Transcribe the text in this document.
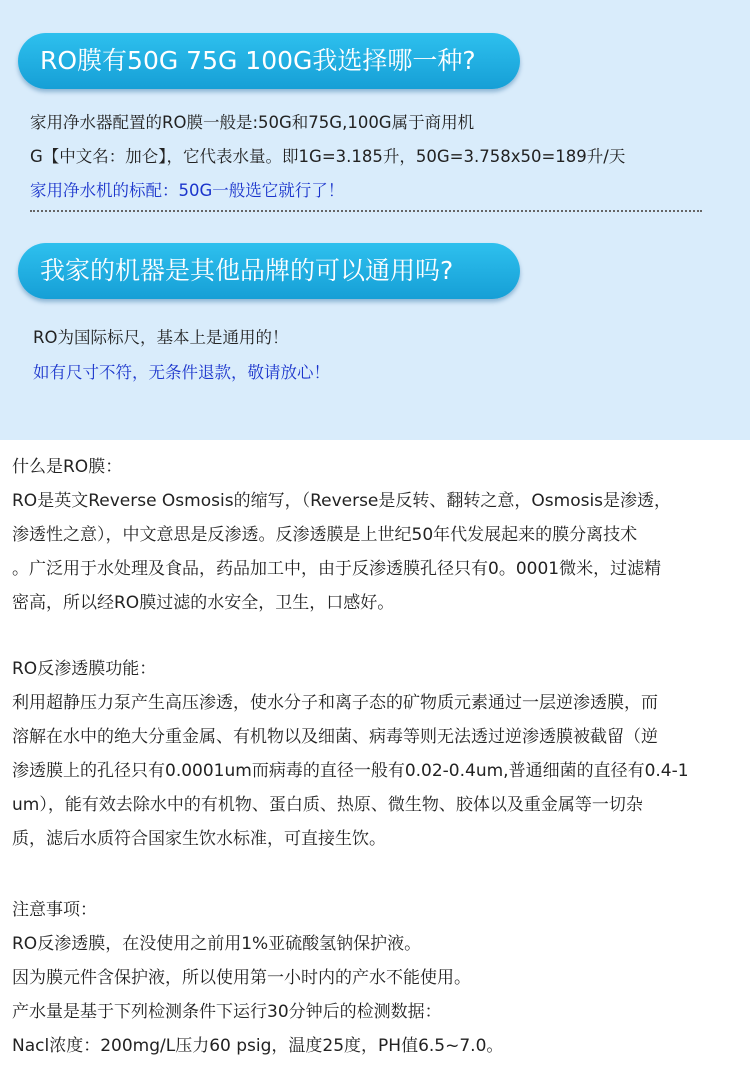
RO膜有50G 75G 100G我选择哪一种?
家用净水器配置的RO膜一般是:50G和75G,100G属于商用机
G【中文名：加仑】，它代表水量。即1G=3.185升，50G=3.758x50=189升/天
家用净水机的标配：50G一般选它就行了！
我家的机器是其他品牌的可以通用吗?
RO为国际标尺，基本上是通用的！
如有尺寸不符，无条件退款，敬请放心！

什么是RO膜：

RO是英文Reverse Osmosis的缩写，（Reverse是反转、翻转之意，Osmosis是渗透，

渗透性之意），中文意思是反渗透。反渗透膜是上世纪50年代发展起来的膜分离技术

。广泛用于水处理及食品，药品加工中，由于反渗透膜孔径只有0。0001微米，过滤精

密高，所以经RO膜过滤的水安全，卫生，口感好。

RO反渗透膜功能：

利用超静压力泵产生高压渗透，使水分子和离子态的矿物质元素通过一层逆渗透膜，而

溶解在水中的绝大分重金属、有机物以及细菌、病毒等则无法透过逆渗透膜被截留（逆

渗透膜上的孔径只有0.0001um而病毒的直径一般有0.02-0.4um,普通细菌的直径有0.4-1

um），能有效去除水中的有机物、蛋白质、热原、微生物、胶体以及重金属等一切杂

质，滤后水质符合国家生饮水标准，可直接生饮。

注意事项：

RO反渗透膜，在没使用之前用1%亚硫酸氢钠保护液。

因为膜元件含保护液，所以使用第一小时内的产水不能使用。

产水量是基于下列检测条件下运行30分钟后的检测数据：

Nacl浓度：200mg/L压力60 psig，温度25度，PH值6.5~7.0。
